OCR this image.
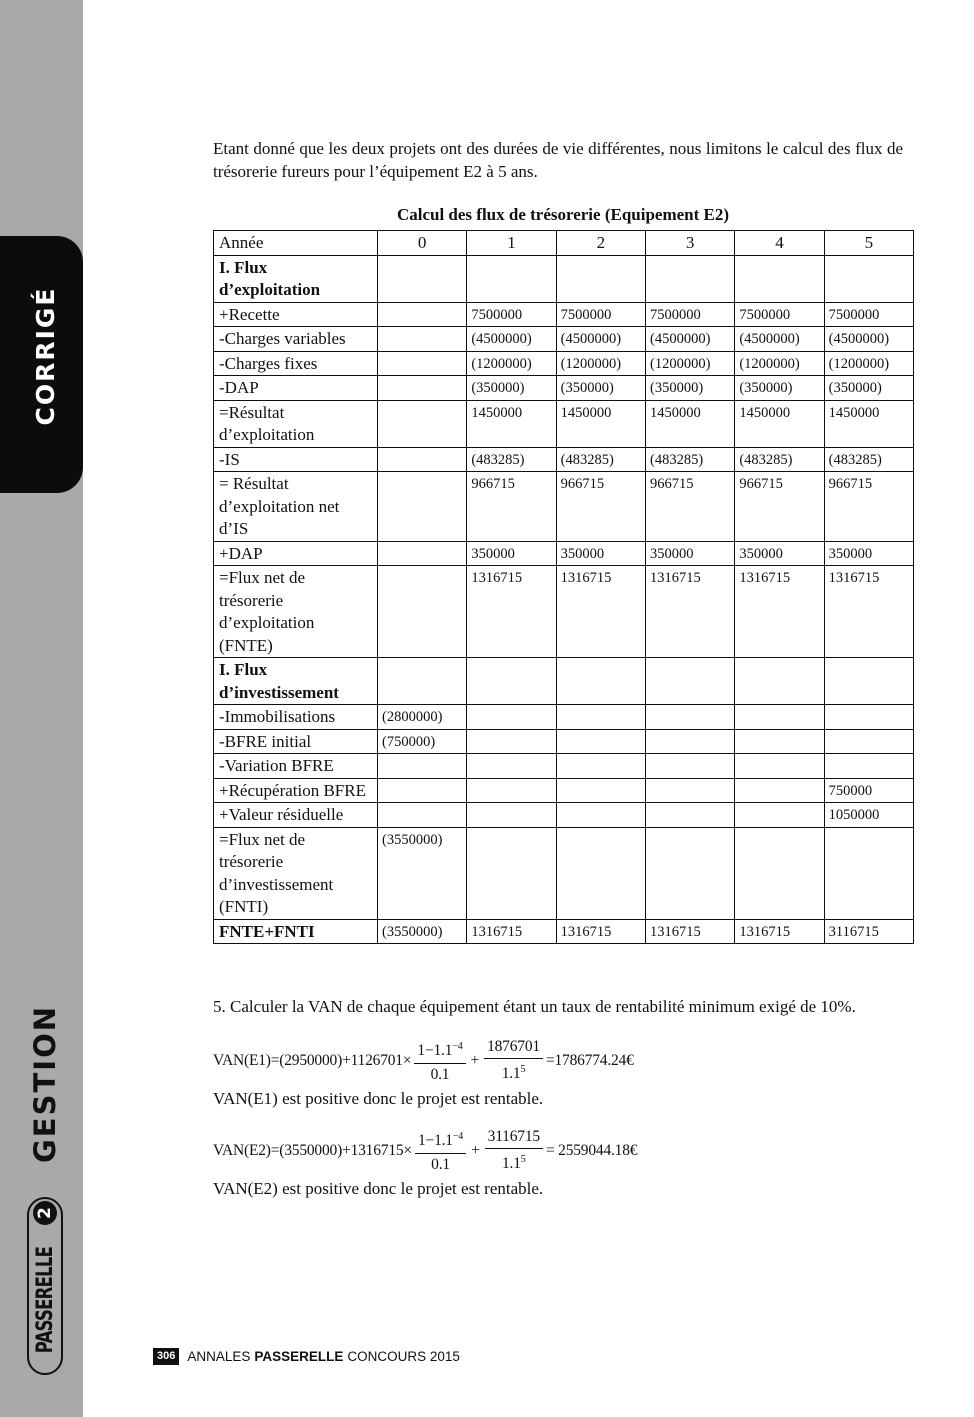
CORRIGÉ
GESTION
PASSERELLE
2

Etant donné que les deux projets ont des durées de vie différentes, nous limitons le calcul des flux de trésorerie fureurs pour l’équipement E2 à 5 ans.

Calcul des flux de trésorerie (Equipement E2)
Année	0	1	2	3	4	5
I. Flux d’exploitation						
+Recette		7500000	7500000	7500000	7500000	7500000
-Charges variables		(4500000)	(4500000)	(4500000)	(4500000)	(4500000)
-Charges fixes		(1200000)	(1200000)	(1200000)	(1200000)	(1200000)
-DAP		(350000)	(350000)	(350000)	(350000)	(350000)
=Résultat d’exploitation		1450000	1450000	1450000	1450000	1450000
-IS		(483285)	(483285)	(483285)	(483285)	(483285)
= Résultat d’exploitation net d’IS		966715	966715	966715	966715	966715
+DAP		350000	350000	350000	350000	350000
=Flux net de trésorerie d’exploitation (FNTE)		1316715	1316715	1316715	1316715	1316715
I. Flux d’investissement						
-Immobilisations	(2800000)					
-BFRE initial	(750000)					
-Variation BFRE						
+Récupération BFRE						750000
+Valeur résiduelle						1050000
=Flux net de trésorerie d’investissement (FNTI)	(3550000)					
FNTE+FNTI	(3550000)	1316715	1316715	1316715	1316715	3116715

5. Calculer la VAN de chaque équipement étant un taux de rentabilité minimum exigé de 10%.

$VAN(E1)=(2950000)+1126701\times \frac{1-1.1^{-4}}{0.1} + \frac{1876701}{1.1^5}$ =1786774.24€
VAN(E1) est positive donc le projet est rentable.
$VAN(E2)=(3550000)+1316715\times \frac{1-1.1^{-4}}{0.1} + \frac{3116715}{1.1^5}$ = 2559044.18€
VAN(E2) est positive donc le projet est rentable.
306 ANNALES PASSERELLE CONCOURS 2015
